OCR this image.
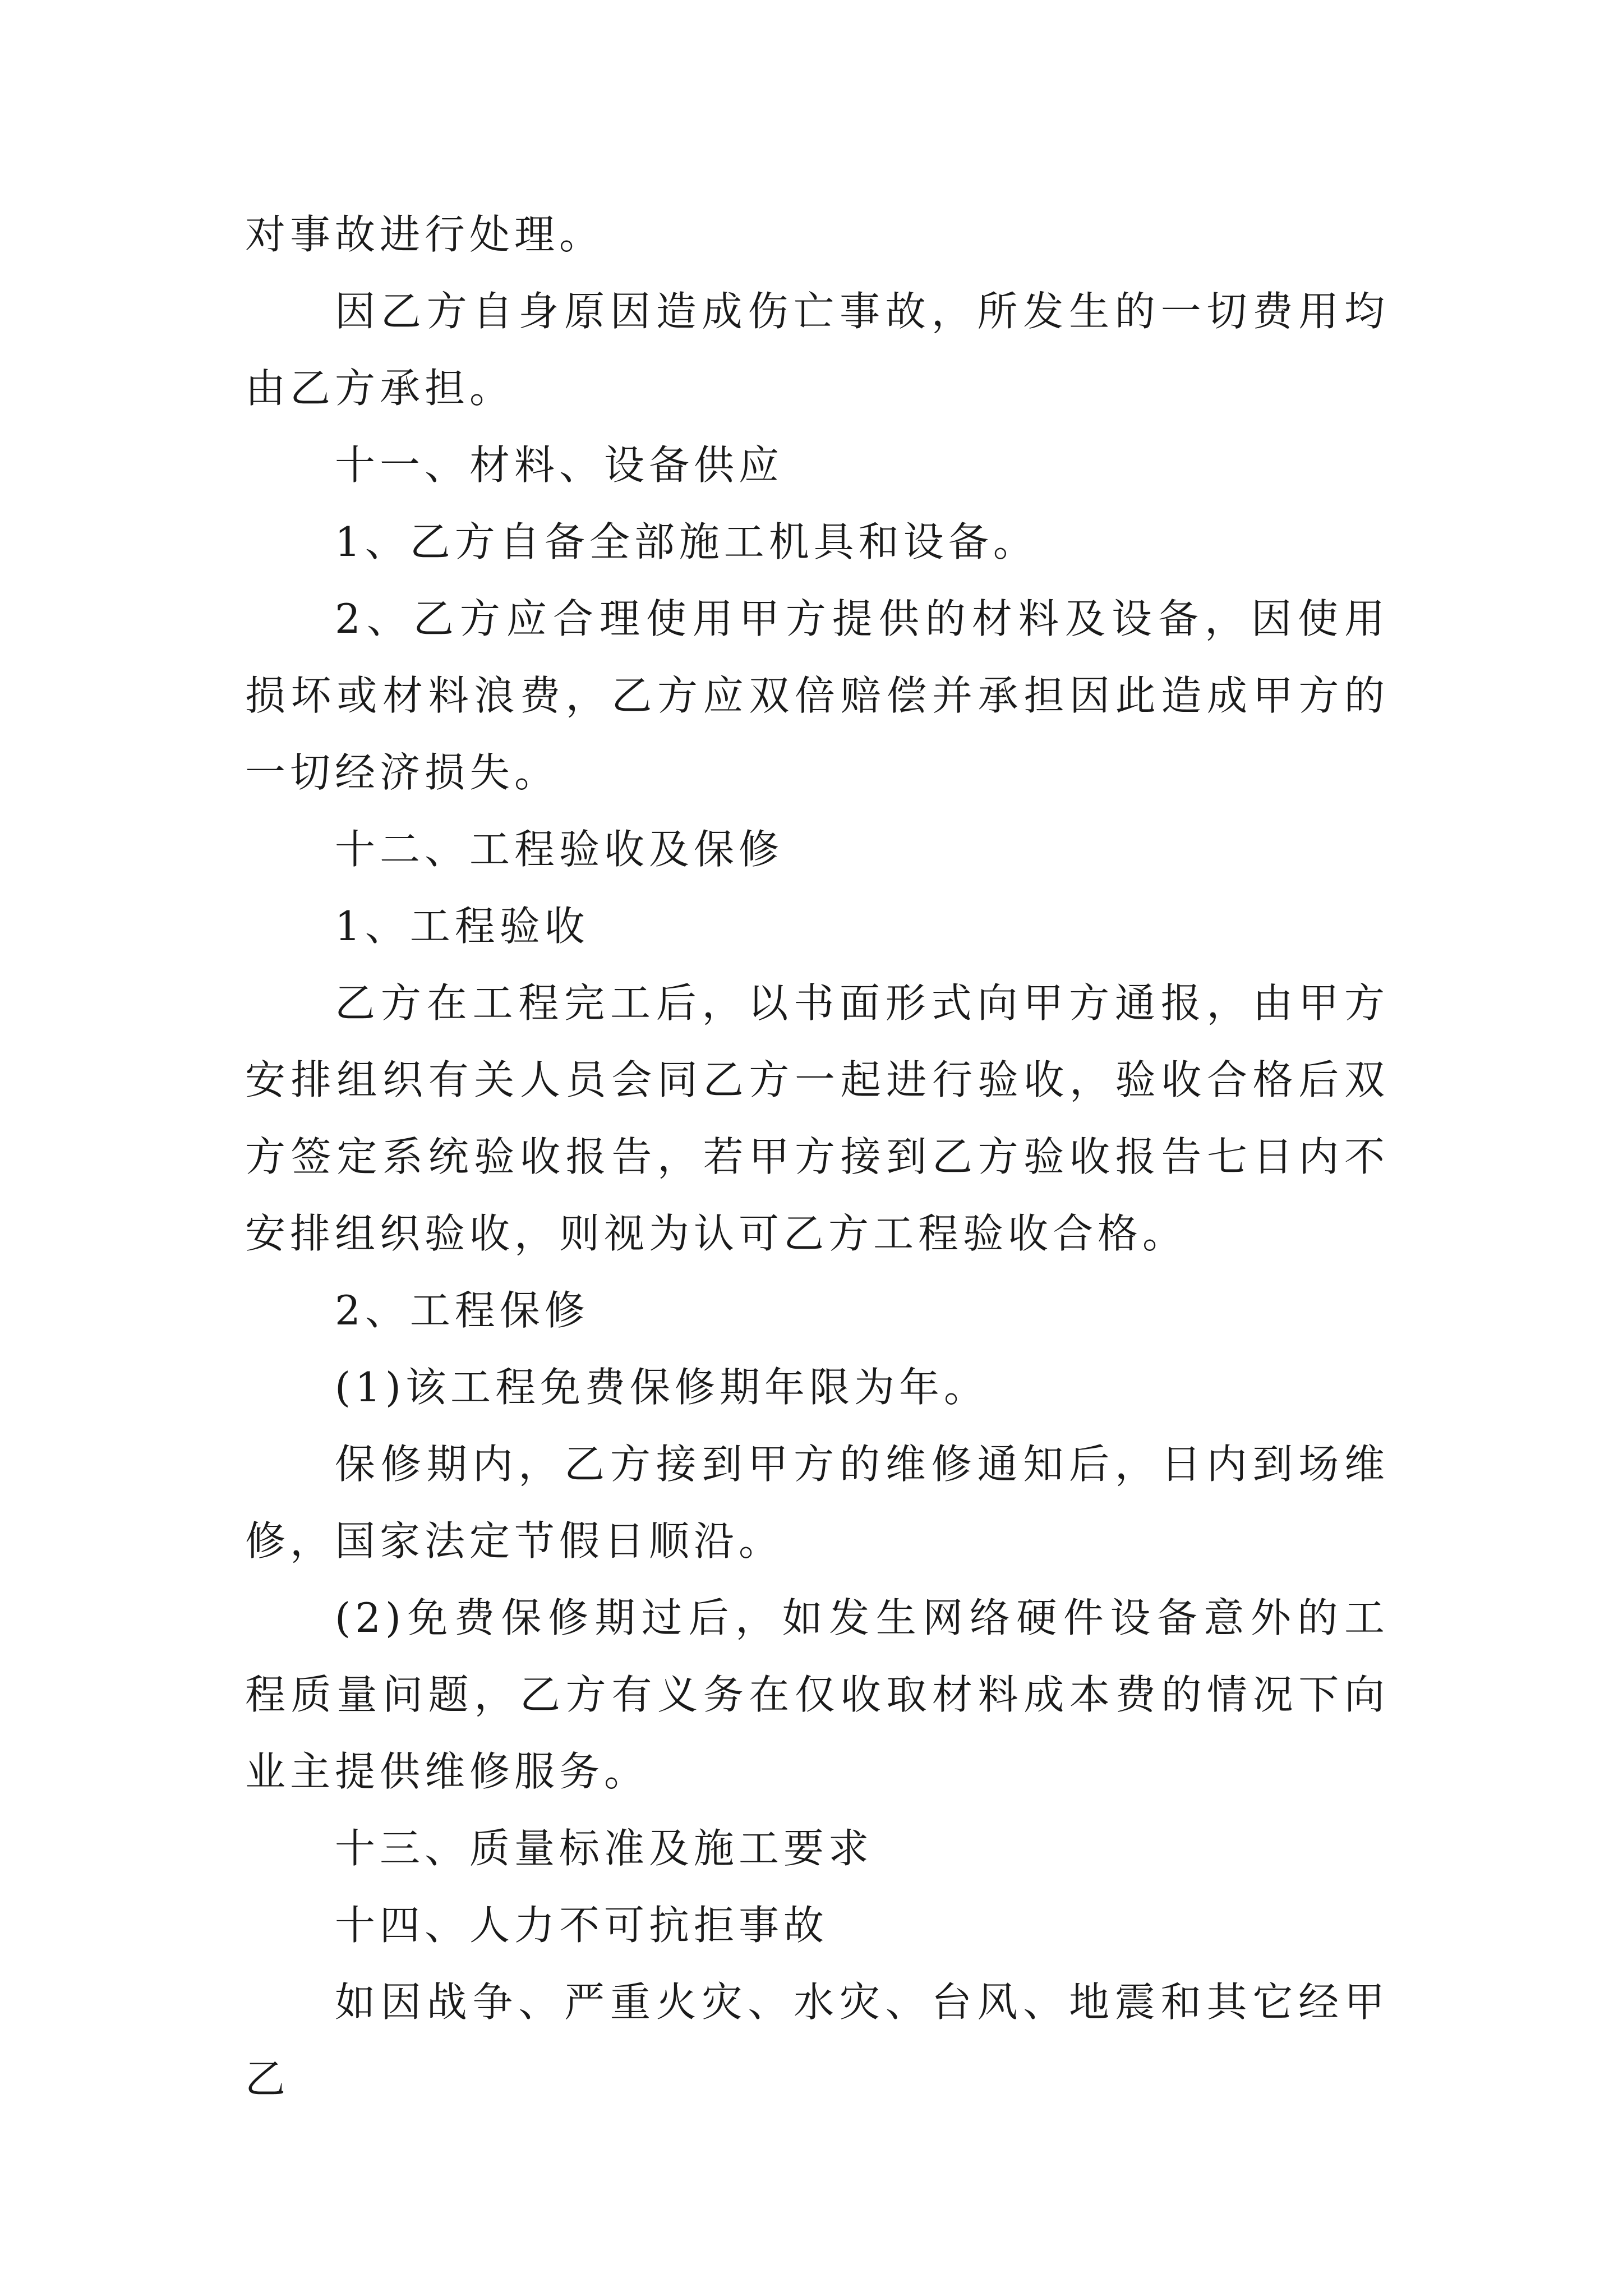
对事故进行处理。

因乙方自身原因造成伤亡事故，所发生的一切费用均由乙方承担。

十一、材料、设备供应

1、乙方自备全部施工机具和设备。

2、乙方应合理使用甲方提供的材料及设备，因使用损坏或材料浪费，乙方应双倍赔偿并承担因此造成甲方的一切经济损失。

十二、工程验收及保修

1、工程验收

乙方在工程完工后，以书面形式向甲方通报，由甲方安排组织有关人员会同乙方一起进行验收，验收合格后双方签定系统验收报告，若甲方接到乙方验收报告七日内不安排组织验收，则视为认可乙方工程验收合格。

2、工程保修

(1)该工程免费保修期年限为年。

保修期内，乙方接到甲方的维修通知后，日内到场维修，国家法定节假日顺沿。

(2)免费保修期过后，如发生网络硬件设备意外的工程质量问题，乙方有义务在仅收取材料成本费的情况下向业主提供维修服务。

十三、质量标准及施工要求

十四、人力不可抗拒事故

如因战争、严重火灾、水灾、台风、地震和其它经甲乙
